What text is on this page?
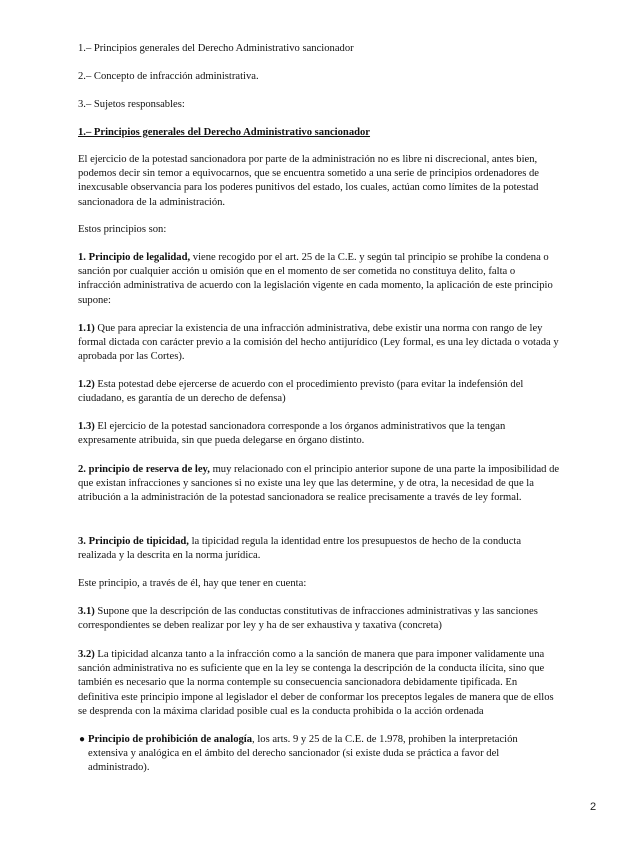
1.– Principios generales del Derecho Administrativo sancionador

2.– Concepto de infracción administrativa.

3.– Sujetos responsables:

1.– Principios generales del Derecho Administrativo sancionador

El ejercicio de la potestad sancionadora por parte de la administración no es libre ni discrecional, antes bien, podemos decir sin temor a equivocarnos, que se encuentra sometido a una serie de principios ordenadores de inexcusable observancia para los poderes punitivos del estado, los cuales, actúan como límites de la potestad sancionadora de la administración.

Estos principios son:

1. Principio de legalidad, viene recogido por el art. 25 de la C.E. y según tal principio se prohíbe la condena o sanción por cualquier acción u omisión que en el momento de ser cometida no constituya delito, falta o infracción administrativa de acuerdo con la legislación vigente en cada momento, la aplicación de este principio supone:

1.1) Que para apreciar la existencia de una infracción administrativa, debe existir una norma con rango de ley formal dictada con carácter previo a la comisión del hecho antijurídico (Ley formal, es una ley dictada o votada y aprobada por las Cortes).

1.2) Esta potestad debe ejercerse de acuerdo con el procedimiento previsto (para evitar la indefensión del ciudadano, es garantía de un derecho de defensa)

1.3) El ejercicio de la potestad sancionadora corresponde a los órganos administrativos que la tengan expresamente atribuida, sin que pueda delegarse en órgano distinto.

2. principio de reserva de ley, muy relacionado con el principio anterior supone de una parte la imposibilidad de que existan infracciones y sanciones si no existe una ley que las determine, y de otra, la necesidad de que la atribución a la administración de la potestad sancionadora se realice precisamente a través de ley formal.

3. Principio de tipicidad, la tipicidad regula la identidad entre los presupuestos de hecho de la conducta realizada y la descrita en la norma jurídica.

Este principio, a través de él, hay que tener en cuenta:

3.1) Supone que la descripción de las conductas constitutivas de infracciones administrativas y las sanciones correspondientes se deben realizar por ley y ha de ser exhaustiva y taxativa (concreta)

3.2) La tipicidad alcanza tanto a la infracción como a la sanción de manera que para imponer validamente una sanción administrativa no es suficiente que en la ley se contenga la descripción de la conducta ilícita, sino que también es necesario que la norma contemple su consecuencia sancionadora debidamente tipificada. En definitiva este principio impone al legislador el deber de conformar los preceptos legales de manera que de ellos se desprenda con la máxima claridad posible cual es la conducta prohibida o la acción ordenada

● Principio de prohibición de analogía, los arts. 9 y 25 de la C.E. de 1.978, prohiben la interpretación extensiva y analógica en el ámbito del derecho sancionador (si existe duda se práctica a favor del administrado).

2
